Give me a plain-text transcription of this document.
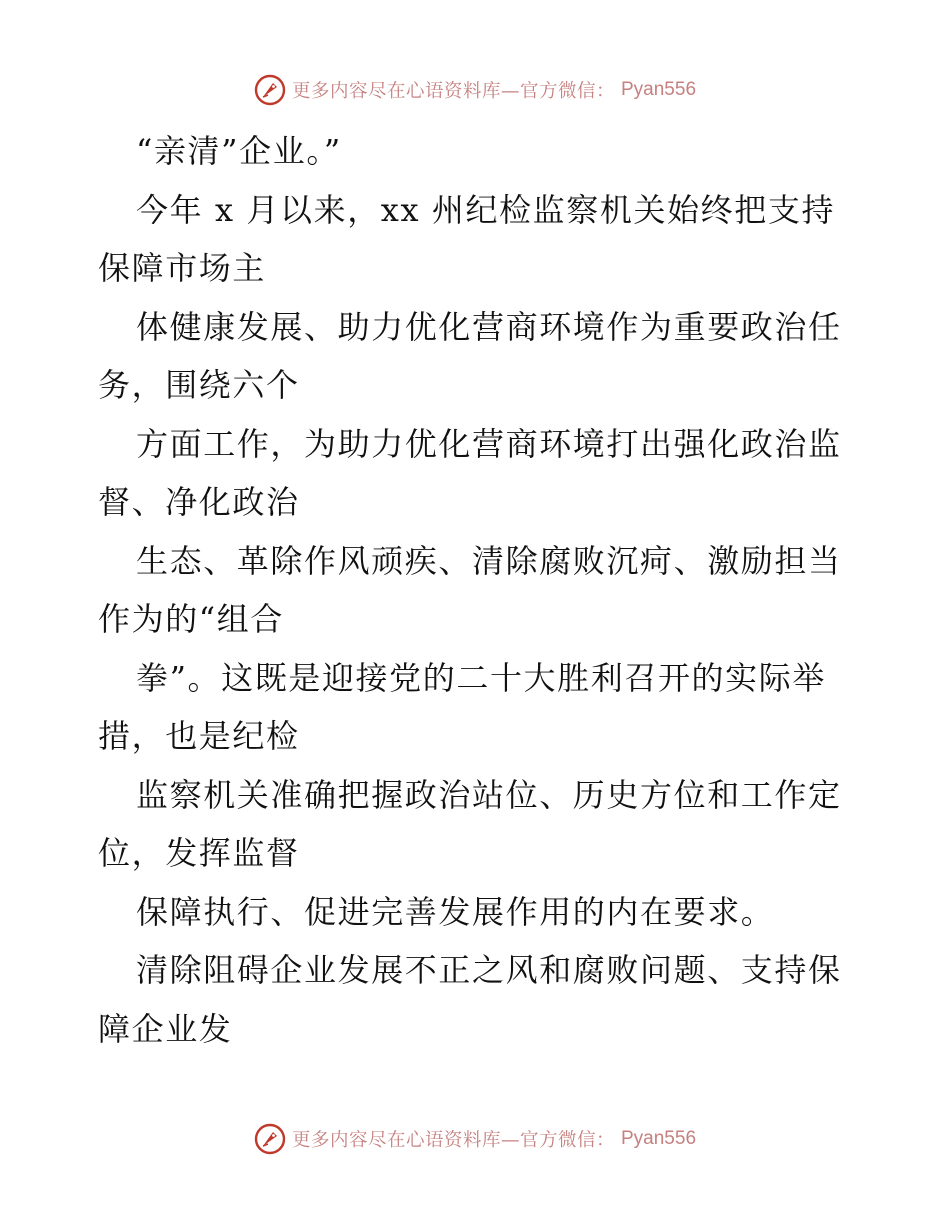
更多内容尽在心语资料库—官方微信： Pyan556
“亲清”企业。”
今年 x 月以来，xx 州纪检监察机关始终把支持
保障市场主
体健康发展、助力优化营商环境作为重要政治任
务，围绕六个
方面工作，为助力优化营商环境打出强化政治监
督、净化政治
生态、革除作风顽疾、清除腐败沉疴、激励担当
作为的“组合
拳”。这既是迎接党的二十大胜利召开的实际举
措，也是纪检
监察机关准确把握政治站位、历史方位和工作定
位，发挥监督
保障执行、促进完善发展作用的内在要求。
清除阻碍企业发展不正之风和腐败问题、支持保
障企业发
更多内容尽在心语资料库—官方微信： Pyan556
